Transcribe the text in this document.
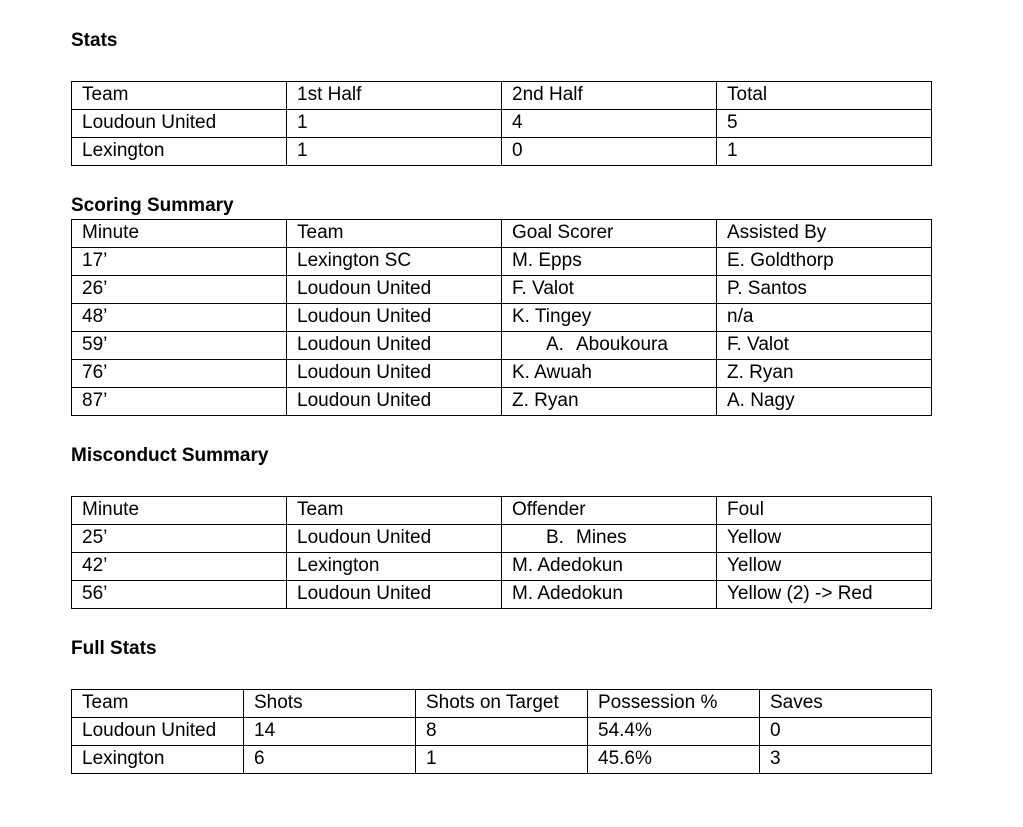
Stats
Team	1st Half	2nd Half	Total
Loudoun United	1	4	5
Lexington	1	0	1
Scoring Summary
Minute	Team	Goal Scorer	Assisted By
17’	Lexington SC	M. Epps	E. Goldthorp
26’	Loudoun United	F. Valot	P. Santos
48’	Loudoun United	K. Tingey	n/a
59’	Loudoun United	A. Aboukoura	F. Valot
76’	Loudoun United	K. Awuah	Z. Ryan
87’	Loudoun United	Z. Ryan	A. Nagy
Misconduct Summary
Minute	Team	Offender	Foul
25’	Loudoun United	B. Mines	Yellow
42’	Lexington	M. Adedokun	Yellow
56’	Loudoun United	M. Adedokun	Yellow (2) -> Red
Full Stats
Team	Shots	Shots on Target	Possession %	Saves
Loudoun United	14	8	54.4%	0
Lexington	6	1	45.6%	3
